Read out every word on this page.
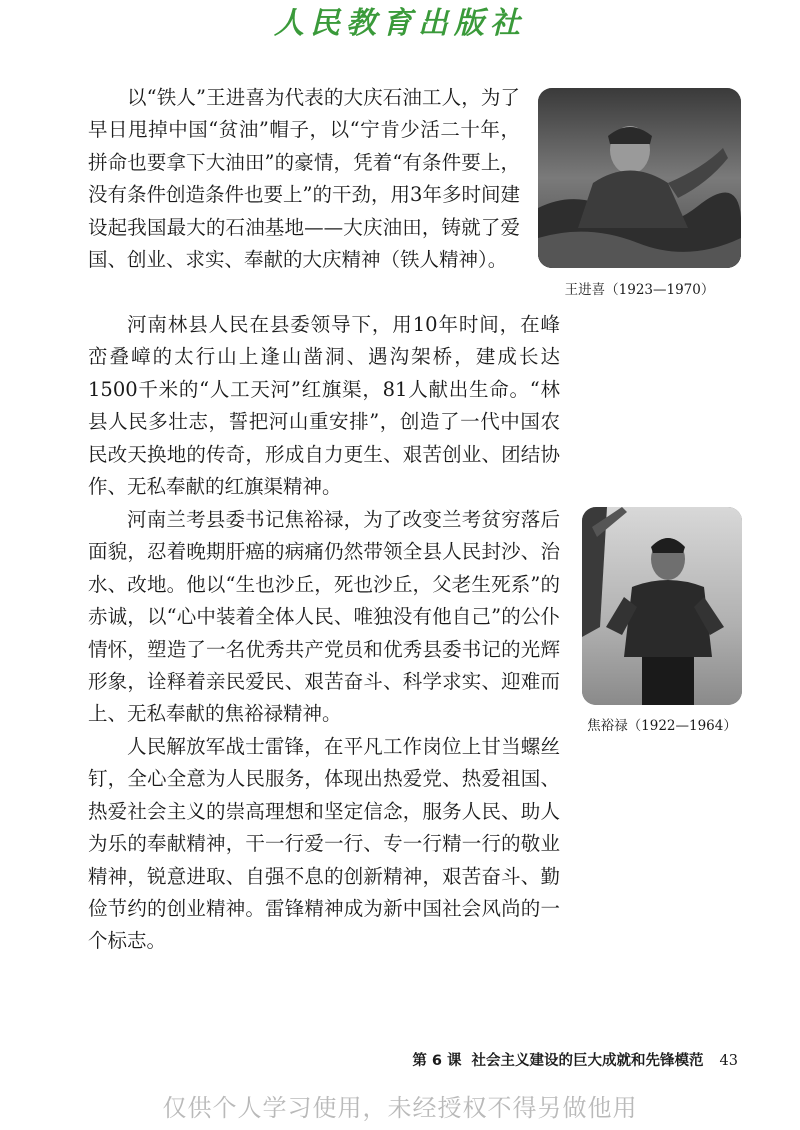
人民教育出版社

以“铁人”王进喜为代表的大庆石油工人，为了早日甩掉中国“贫油”帽子，以“宁肯少活二十年，拼命也要拿下大油田”的豪情，凭着“有条件要上，没有条件创造条件也要上”的干劲，用3年多时间建设起我国最大的石油基地——大庆油田，铸就了爱国、创业、求实、奉献的大庆精神（铁人精神）。

王进喜（1923—1970）

河南林县人民在县委领导下，用10年时间，在峰峦叠嶂的太行山上逢山凿洞、遇沟架桥，建成长达 1500千米的“人工天河”红旗渠，81人献出生命。“林县人民多壮志，誓把河山重安排”，创造了一代中国农民改天换地的传奇，形成自力更生、艰苦创业、团结协作、无私奉献的红旗渠精神。

河南兰考县委书记焦裕禄，为了改变兰考贫穷落后面貌，忍着晚期肝癌的病痛仍然带领全县人民封沙、治水、改地。他以“生也沙丘，死也沙丘，父老生死系”的赤诚，以“心中装着全体人民、唯独没有他自己”的公仆情怀，塑造了一名优秀共产党员和优秀县委书记的光辉形象，诠释着亲民爱民、艰苦奋斗、科学求实、迎难而上、无私奉献的焦裕禄精神。

焦裕禄（1922—1964）

人民解放军战士雷锋，在平凡工作岗位上甘当螺丝钉，全心全意为人民服务，体现出热爱党、热爱祖国、热爱社会主义的崇高理想和坚定信念，服务人民、助人为乐的奉献精神，干一行爱一行、专一行精一行的敬业精神，锐意进取、自强不息的创新精神，艰苦奋斗、勤俭节约的创业精神。雷锋精神成为新中国社会风尚的一个标志。

第 6 课 社会主义建设的巨大成就和先锋模范 43
仅供个人学习使用，未经授权不得另做他用
